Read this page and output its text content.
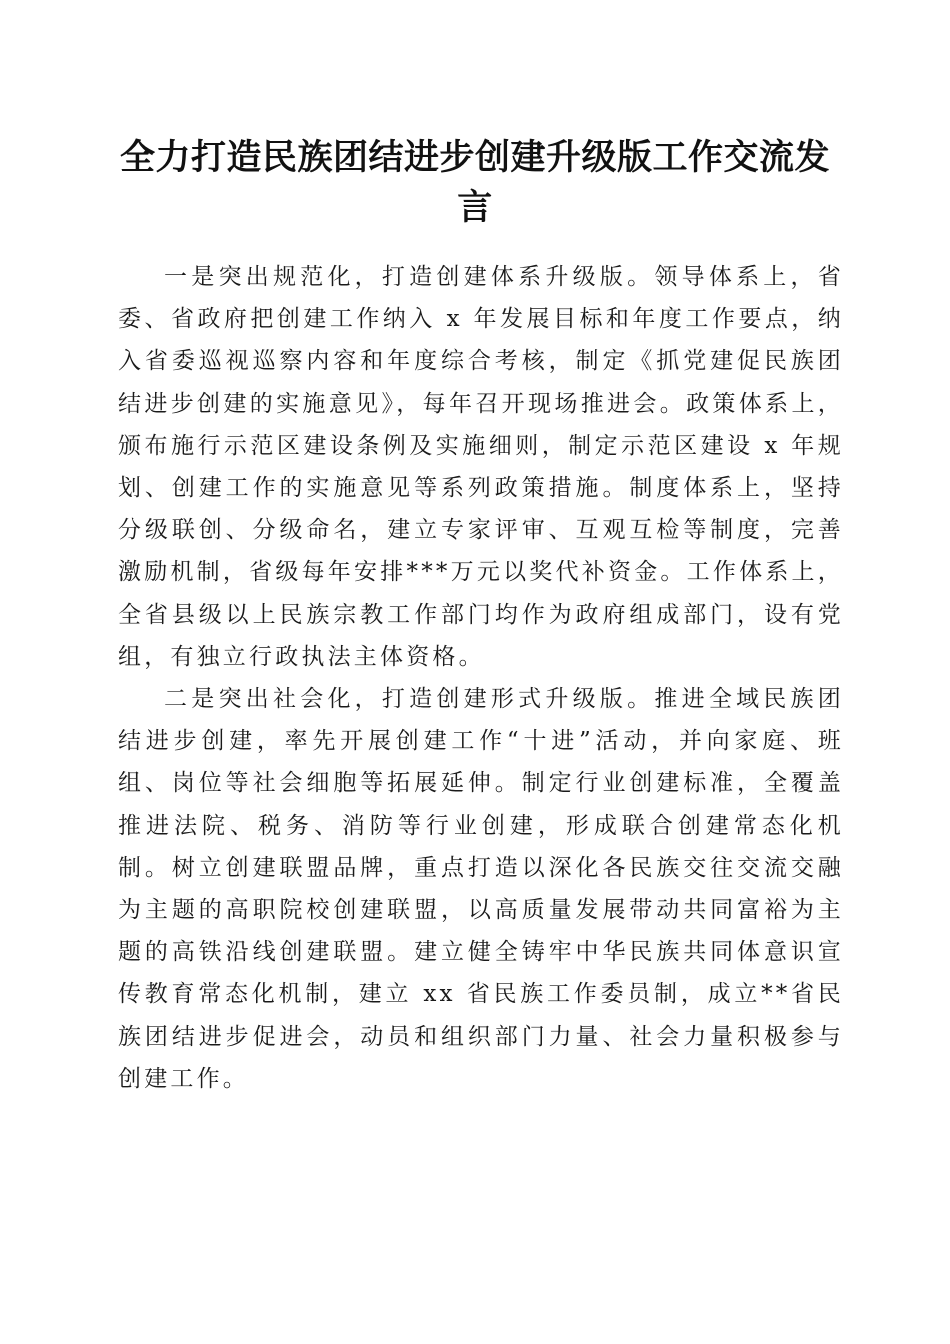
全力打造民族团结进步创建升级版工作交流发言

一是突出规范化，打造创建体系升级版。领导体系上，省委、省政府把创建工作纳入 x 年发展目标和年度工作要点，纳入省委巡视巡察内容和年度综合考核，制定《抓党建促民族团结进步创建的实施意见》，每年召开现场推进会。政策体系上，颁布施行示范区建设条例及实施细则，制定示范区建设 x 年规划、创建工作的实施意见等系列政策措施。制度体系上，坚持分级联创、分级命名，建立专家评审、互观互检等制度，完善激励机制，省级每年安排***万元以奖代补资金。工作体系上，全省县级以上民族宗教工作部门均作为政府组成部门，设有党组，有独立行政执法主体资格。

二是突出社会化，打造创建形式升级版。推进全域民族团结进步创建，率先开展创建工作“十进”活动，并向家庭、班组、岗位等社会细胞等拓展延伸。制定行业创建标准，全覆盖推进法院、税务、消防等行业创建，形成联合创建常态化机制。树立创建联盟品牌，重点打造以深化各民族交往交流交融为主题的高职院校创建联盟，以高质量发展带动共同富裕为主题的高铁沿线创建联盟。建立健全铸牢中华民族共同体意识宣传教育常态化机制，建立 xx 省民族工作委员制，成立**省民族团结进步促进会，动员和组织部门力量、社会力量积极参与创建工作。
